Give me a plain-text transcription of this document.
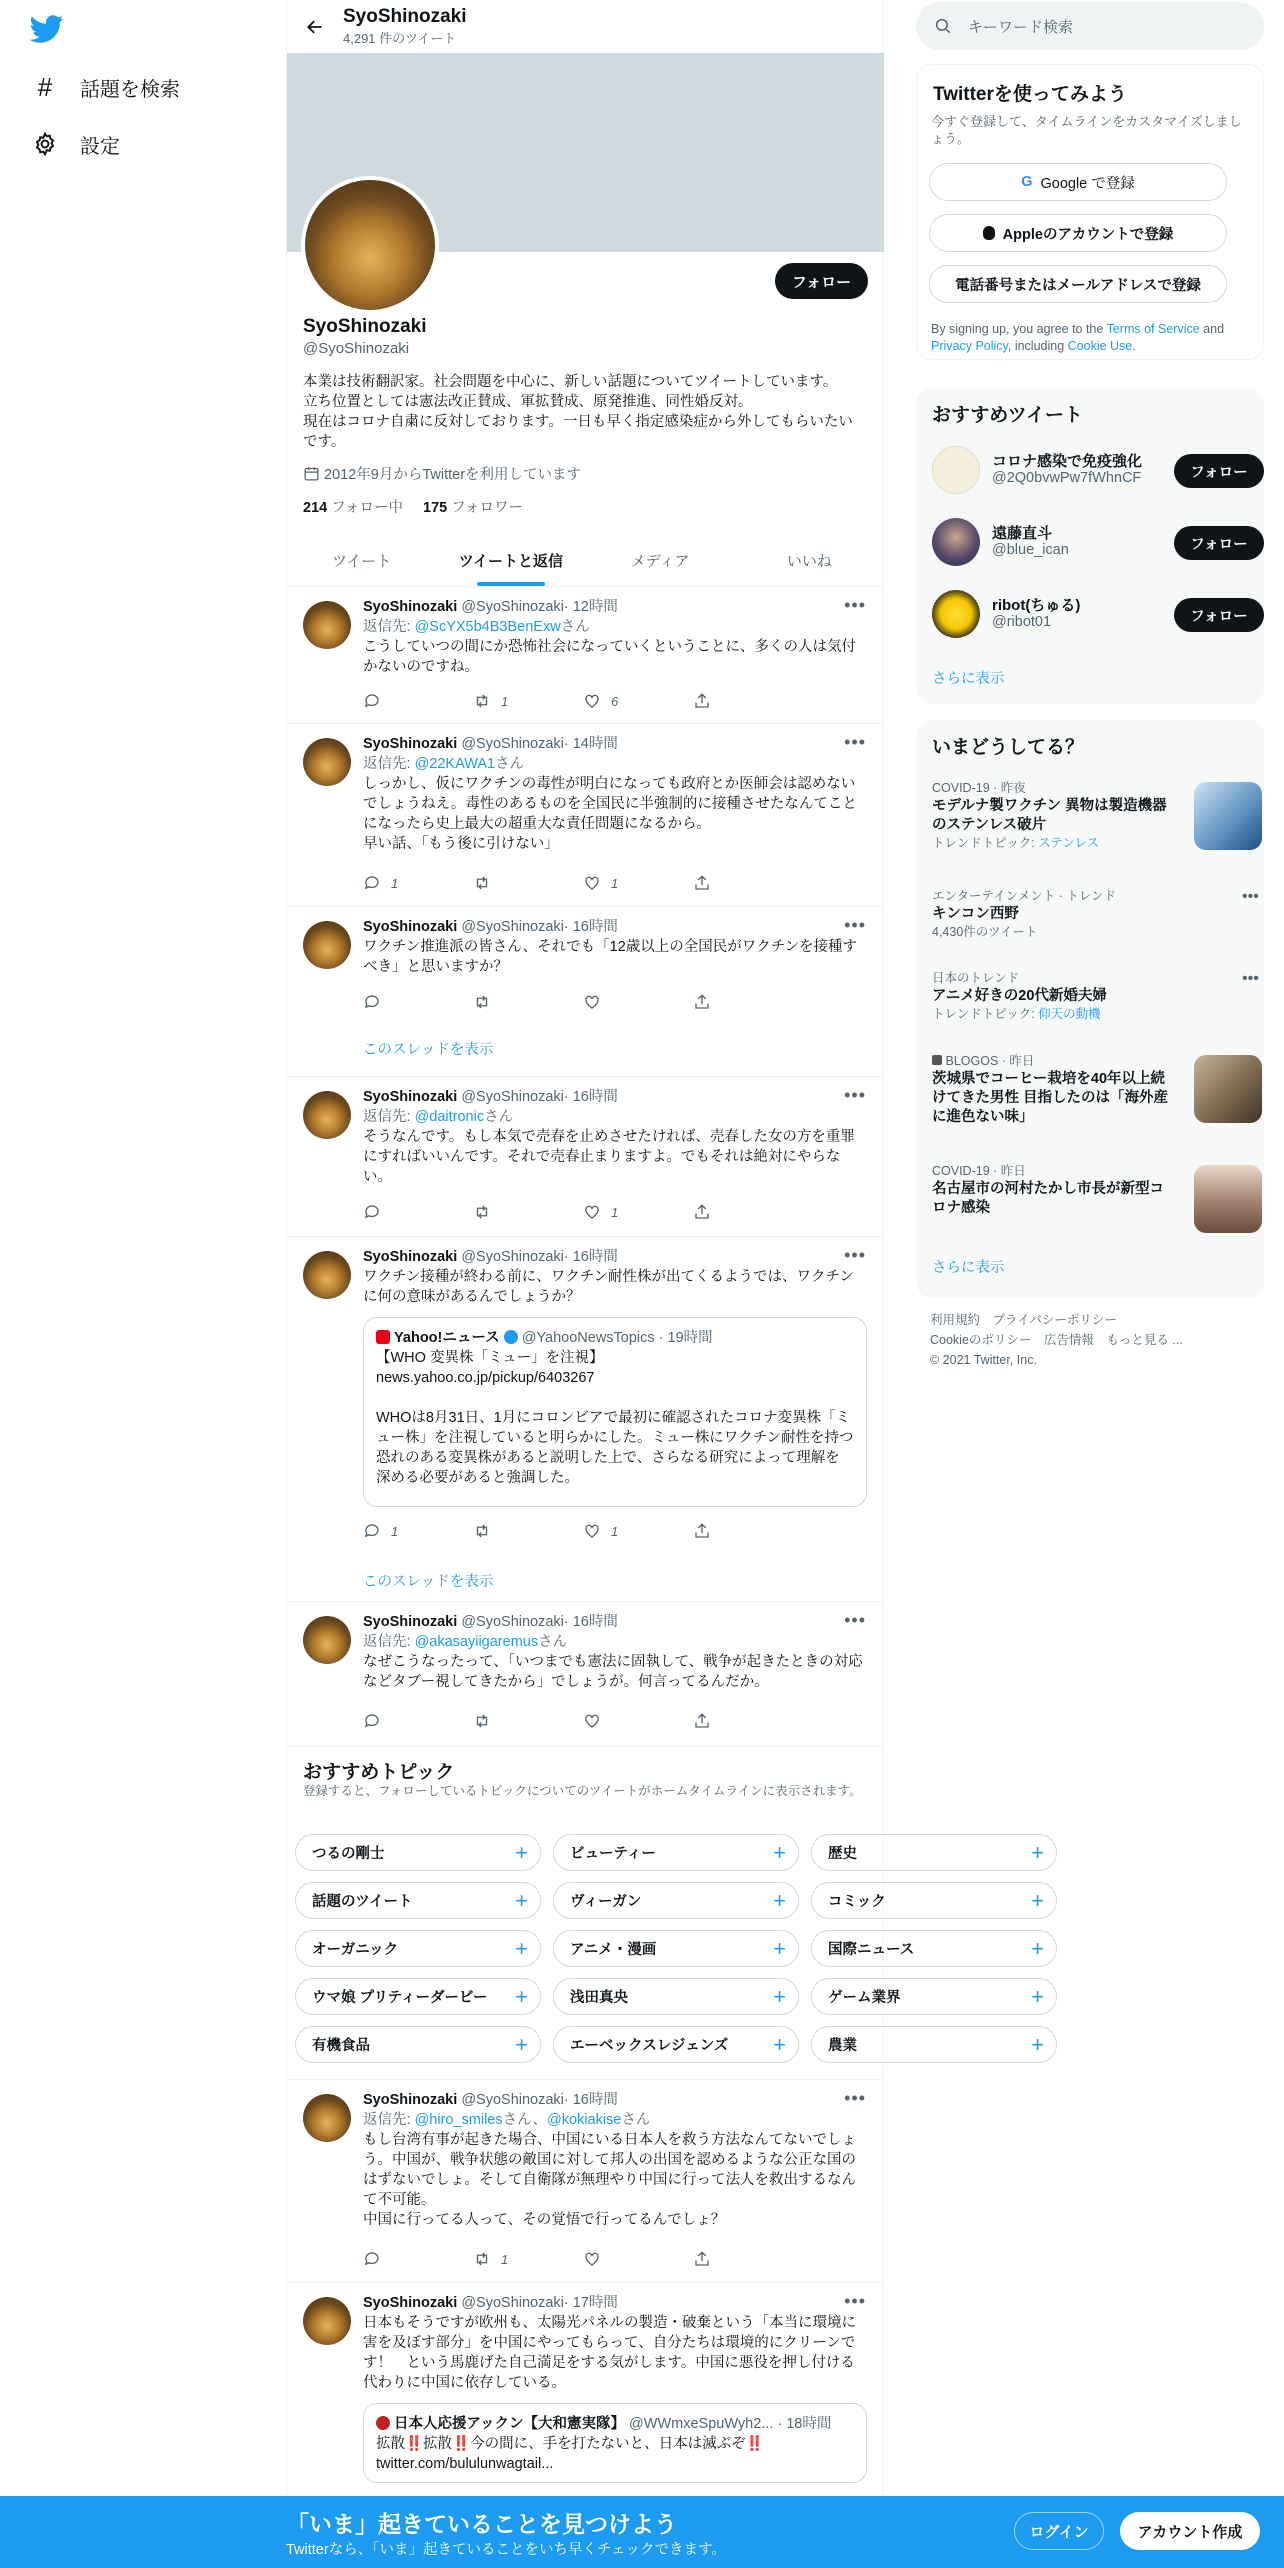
# 話題を検索
設定
SyoShinozaki
4,291 件のツイート
フォロー
SyoShinozaki
@SyoShinozaki
本業は技術翻訳家。社会問題を中心に、新しい話題についてツイートしています。
立ち位置としては憲法改正賛成、軍拡賛成、原発推進、同性婚反対。
現在はコロナ自粛に反対しております。一日も早く指定感染症から外してもらいたいです。
2012年9月からTwitterを利用しています
214 フォロー中 175 フォロワー
ツイート	ツイートと返信	メディア	いいね
•••
SyoShinozaki @SyoShinozaki· 12時間
返信先: @ScYX5b4B3BenExwさん
こうしていつの間にか恐怖社会になっていくということに、多くの人は気付かないのですね。
1	6
•••
SyoShinozaki @SyoShinozaki· 14時間
返信先: @22KAWA1さん
しっかし、仮にワクチンの毒性が明白になっても政府とか医師会は認めないでしょうねえ。毒性のあるものを全国民に半強制的に接種させたなんてことになったら史上最大の超重大な責任問題になるから。
早い話、「もう後に引けない」
1	1
•••
SyoShinozaki @SyoShinozaki· 16時間
ワクチン推進派の皆さん、それでも「12歳以上の全国民がワクチンを接種すべき」と思いますか？
このスレッドを表示
•••
SyoShinozaki @SyoShinozaki· 16時間
返信先: @daitronicさん
そうなんです。もし本気で売春を止めさせたければ、売春した女の方を重罪にすればいいんです。それで売春止まりますよ。でもそれは絶対にやらない。
1
•••
SyoShinozaki @SyoShinozaki· 16時間
ワクチン接種が終わる前に、ワクチン耐性株が出てくるようでは、ワクチンに何の意味があるんでしょうか？
Yahoo!ニュース @YahooNewsTopics · 19時間
【WHO 変異株「ミュー」を注視】
news.yahoo.co.jp/pickup/6403267

WHOは8月31日、1月にコロンビアで最初に確認されたコロナ変異株「ミュー株」を注視していると明らかにした。ミュー株にワクチン耐性を持つ恐れのある変異株があると説明した上で、さらなる研究によって理解を深める必要があると強調した。
1	1
このスレッドを表示
•••
SyoShinozaki @SyoShinozaki· 16時間
返信先: @akasayiigaremusさん
なぜこうなったって、「いつまでも憲法に固執して、戦争が起きたときの対応などタブー視してきたから」でしょうが。何言ってるんだか。
おすすめトピック
登録すると、フォローしているトピックについてのツイートがホームタイムラインに表示されます。
つるの剛士	+	ビューティー	+	歴史	+
話題のツイート	+	ヴィーガン	+	コミック	+
オーガニック	+	アニメ・漫画	+	国際ニュース	+
ウマ娘 プリティーダービー +	浅田真央	+	ゲーム業界	+
有機食品	+	エーベックスレジェンズ +	農業	+
•••
SyoShinozaki @SyoShinozaki· 16時間
返信先: @hiro_smilesさん、@kokiakiseさん
もし台湾有事が起きた場合、中国にいる日本人を救う方法なんてないでしょう。中国が、戦争状態の敵国に対して邦人の出国を認めるような公正な国のはずないでしょ。そして自衛隊が無理やり中国に行って法人を救出するなんて不可能。
中国に行ってる人って、その覚悟で行ってるんでしょ？
1
•••
SyoShinozaki @SyoShinozaki· 17時間
日本もそうですが欧州も、太陽光パネルの製造・破棄という「本当に環境に害を及ぼす部分」を中国にやってもらって、自分たちは環境的にクリーンです！　という馬鹿げた自己満足をする気がします。中国に悪役を押し付ける代わりに中国に依存している。
日本人応援アックン【大和憲実隊】 @WWmxeSpuWyh2... · 18時間
拡散‼️拡散‼️今の間に、手を打たないと、日本は滅ぶぞ‼️
twitter.com/bululunwagtail...
キーワード検索
Twitterを使ってみよう
今すぐ登録して、タイムラインをカスタマイズしましょう。
G Google で登録
Appleのアカウントで登録
電話番号またはメールアドレスで登録
By signing up, you agree to the Terms of Service and Privacy Policy, including Cookie Use.
おすすめツイート
コロナ感染で免疫強化
@2Q0bvwPw7fWhnCF	フォロー
遠藤直斗
@blue_ican	フォロー
ribot(ちゅる)
@ribot01	フォロー
さらに表示
いまどうしてる？
COVID-19 · 昨夜
モデルナ製ワクチン 異物は製造機器のステンレス破片
トレンドトピック: ステンレス
エンターテインメント · トレンド
キンコン西野
4,430件のツイート
•••
日本のトレンド
アニメ好きの20代新婚夫婦
トレンドトピック: 仰天の動機
•••
BLOGOS · 昨日
茨城県でコーヒー栽培を40年以上続けてきた男性 目指したのは「海外産に進色ない味」
COVID-19 · 昨日
名古屋市の河村たかし市長が新型コロナ感染
さらに表示
利用規約　プライバシーポリシー
Cookieのポリシー　広告情報　もっと見る ...
© 2021 Twitter, Inc.
「いま」起きていることを見つけよう
Twitterなら、「いま」起きていることをいち早くチェックできます。
ログイン	アカウント作成
